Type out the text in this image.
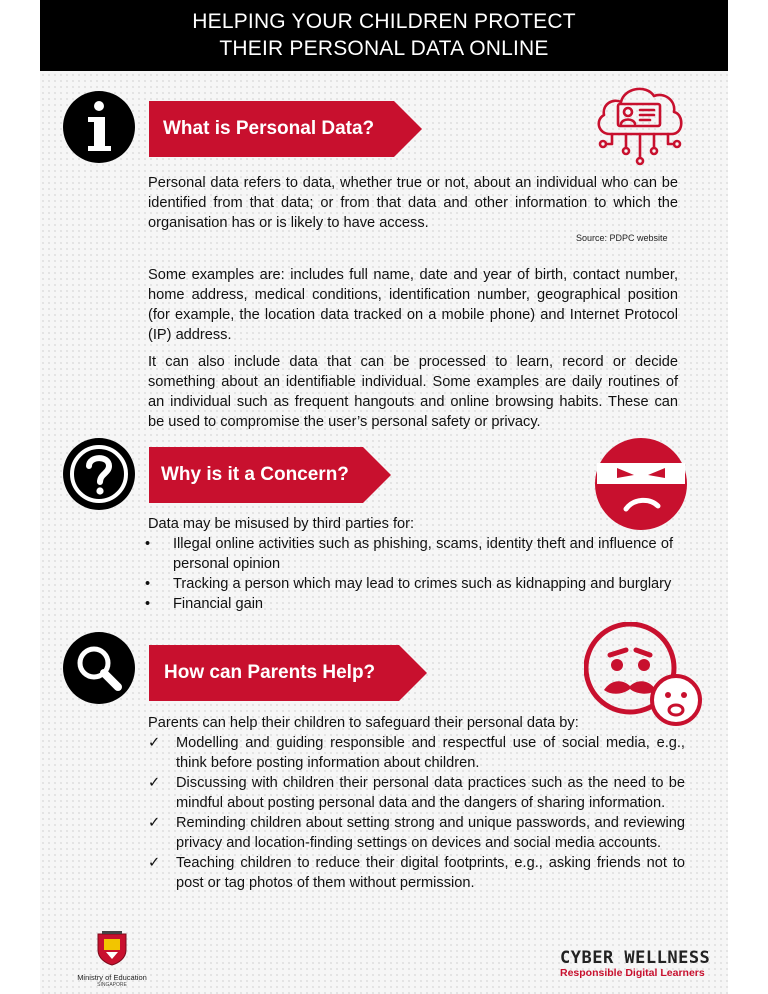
HELPING YOUR CHILDREN PROTECT
THEIR PERSONAL DATA ONLINE
What is Personal Data?
Personal data refers to data, whether true or not, about an individual who can be identified from that data; or from that data and other information to which the organisation has or is likely to have access.
Source: PDPC website
Some examples are: includes full name, date and year of birth, contact number, home address, medical conditions, identification number, geographical position (for example, the location data tracked on a mobile phone) and Internet Protocol (IP) address.
It can also include data that can be processed to learn, record or decide something about an identifiable individual. Some examples are daily routines of an individual such as frequent hangouts and online browsing habits. These can be used to compromise the user’s personal safety or privacy.
Why is it a Concern?
Data may be misused by third parties for:
• Illegal online activities such as phishing, scams, identity theft and influence of personal opinion
• Tracking a person which may lead to crimes such as kidnapping and burglary
• Financial gain
How can Parents Help?
Parents can help their children to safeguard their personal data by:
✓ Modelling and guiding responsible and respectful use of social media, e.g., think before posting information about children.
✓ Discussing with children their personal data practices such as the need to be mindful about posting personal data and the dangers of sharing information.
✓ Reminding children about setting strong and unique passwords, and reviewing privacy and location-finding settings on devices and social media accounts.
✓ Teaching children to reduce their digital footprints, e.g., asking friends not to post or tag photos of them without permission.
Ministry of Education
SINGAPORE
CYBER WELLNESS
Responsible Digital Learners
